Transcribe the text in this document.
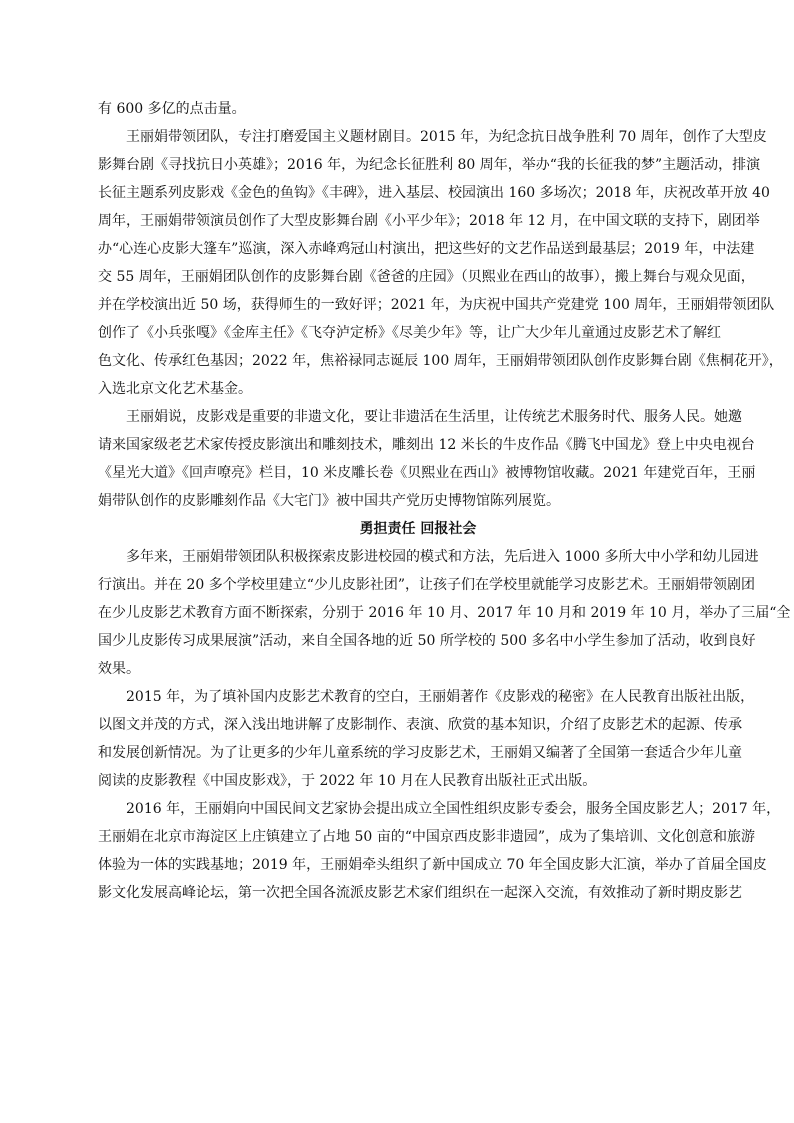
有 600 多亿的点击量。
王丽娟带领团队，专注打磨爱国主义题材剧目。2015 年，为纪念抗日战争胜利 70 周年，创作了大型皮
影舞台剧《寻找抗日小英雄》；2016 年，为纪念长征胜利 80 周年，举办“我的长征我的梦”主题活动，排演
长征主题系列皮影戏《金色的鱼钩》《丰碑》，进入基层、校园演出 160 多场次；2018 年，庆祝改革开放 40
周年，王丽娟带领演员创作了大型皮影舞台剧《小平少年》；2018 年 12 月，在中国文联的支持下，剧团举
办“心连心皮影大篷车”巡演，深入赤峰鸡冠山村演出，把这些好的文艺作品送到最基层；2019 年，中法建
交 55 周年，王丽娟团队创作的皮影舞台剧《爸爸的庄园》（贝熙业在西山的故事），搬上舞台与观众见面，
并在学校演出近 50 场，获得师生的一致好评；2021 年，为庆祝中国共产党建党 100 周年，王丽娟带领团队
创作了《小兵张嘎》《金库主任》《飞夺泸定桥》《尽美少年》等，让广大少年儿童通过皮影艺术了解红
色文化、传承红色基因；2022 年，焦裕禄同志诞辰 100 周年，王丽娟带领团队创作皮影舞台剧《焦桐花开》，
入选北京文化艺术基金。
王丽娟说，皮影戏是重要的非遗文化，要让非遗活在生活里，让传统艺术服务时代、服务人民。她邀
请来国家级老艺术家传授皮影演出和雕刻技术，雕刻出 12 米长的牛皮作品《腾飞中国龙》登上中央电视台
《星光大道》《回声嘹亮》栏目，10 米皮雕长卷《贝熙业在西山》被博物馆收藏。2021 年建党百年，王丽
娟带队创作的皮影雕刻作品《大宅门》被中国共产党历史博物馆陈列展览。
勇担责任 回报社会
多年来，王丽娟带领团队积极探索皮影进校园的模式和方法，先后进入 1000 多所大中小学和幼儿园进
行演出。并在 20 多个学校里建立“少儿皮影社团”，让孩子们在学校里就能学习皮影艺术。王丽娟带领剧团
在少儿皮影艺术教育方面不断探索，分别于 2016 年 10 月、2017 年 10 月和 2019 年 10 月，举办了三届“全
国少儿皮影传习成果展演”活动，来自全国各地的近 50 所学校的 500 多名中小学生参加了活动，收到良好
效果。
2015 年，为了填补国内皮影艺术教育的空白，王丽娟著作《皮影戏的秘密》在人民教育出版社出版，
以图文并茂的方式，深入浅出地讲解了皮影制作、表演、欣赏的基本知识，介绍了皮影艺术的起源、传承
和发展创新情况。为了让更多的少年儿童系统的学习皮影艺术，王丽娟又编著了全国第一套适合少年儿童
阅读的皮影教程《中国皮影戏》，于 2022 年 10 月在人民教育出版社正式出版。
2016 年，王丽娟向中国民间文艺家协会提出成立全国性组织皮影专委会，服务全国皮影艺人；2017 年，
王丽娟在北京市海淀区上庄镇建立了占地 50 亩的“中国京西皮影非遗园”，成为了集培训、文化创意和旅游
体验为一体的实践基地；2019 年，王丽娟牵头组织了新中国成立 70 年全国皮影大汇演，举办了首届全国皮
影文化发展高峰论坛，第一次把全国各流派皮影艺术家们组织在一起深入交流，有效推动了新时期皮影艺
